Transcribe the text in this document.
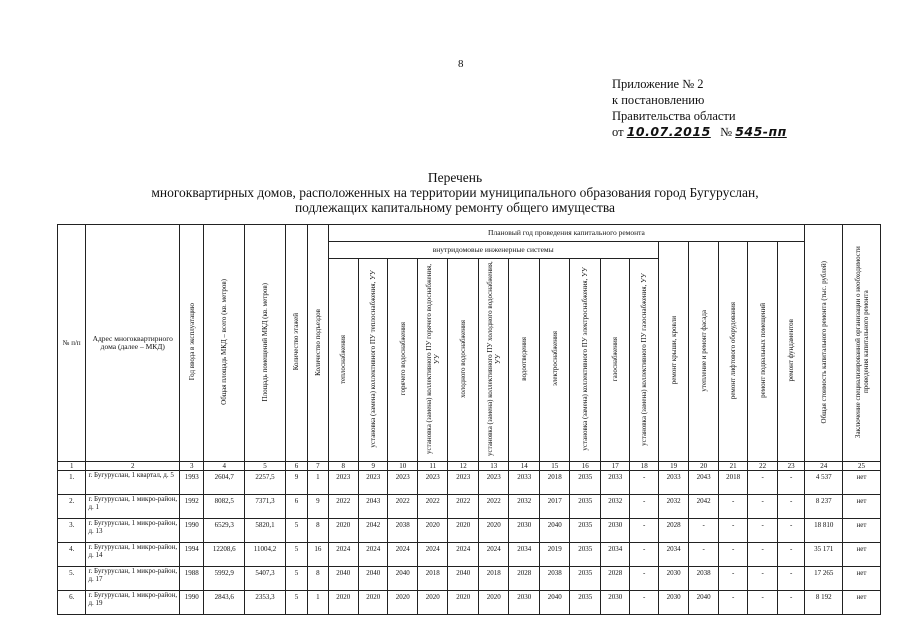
8
Приложение № 2
к постановлению
Правительства области
от 10.07.2015 № 545-пп
Перечень
многоквартирных домов, расположенных на территории муниципального образования город Бугуруслан,
подлежащих капитальному ремонту общего имущества
№ п/п	Адрес многоквартирного дома (далее – МКД)	Год ввода в эксплуатацию	Общая площадь МКД – всего (кв. метров)	Площадь помещений МКД (кв. метров)	Количество этажей	Количество подъездов	Плановый год проведения капитального ремонта																Общая стоимость капитального ремонта (тыс. рублей)	Заключение специализированной организации о необходимости проведения капитального ремонта
							внутридомовые инженерные системы											ремонт крыши, кровли	утепление и ремонт фасада	ремонт лифтового оборудования	ремонт подвальных помещений	ремонт фундаментов		
							теплоснабжения	установка (замена) коллективного ПУ теплоснабжения, УУ	горячего водоснабжения	установка (замена) коллективного ПУ горячего водоснабжения, УУ	холодного водоснабжения	установка (замена) коллективного ПУ холодного водоснабжения, УУ	водоотведения	электроснабжения	установка (замена) коллективного ПУ электроснабжения, УУ	газоснабжения	установка (замена) коллективного ПУ газоснабжения, УУ							
1	2	3	4	5	6	7	8	9	10	11	12	13	14	15	16	17	18	19	20	21	22	23	24	25
1.	г. Бугуруслан, 1 квартал, д. 5	1993	2604,7	2257,5	9	1	2023	2023	2023	2023	2023	2023	2033	2018	2035	2033	-	2033	2043	2018	-	-	4 537	нет
2.	г. Бугуруслан, 1 микро-район, д. 1	1992	8082,5	7371,3	6	9	2022	2043	2022	2022	2022	2022	2032	2017	2035	2032	-	2032	2042	-	-	-	8 237	нет
3.	г. Бугуруслан, 1 микро-район, д. 13	1990	6529,3	5820,1	5	8	2020	2042	2038	2020	2020	2020	2030	2040	2035	2030	-	2028	-	-	-	-	18 810	нет
4.	г. Бугуруслан, 1 микро-район, д. 14	1994	12208,6	11004,2	5	16	2024	2024	2024	2024	2024	2024	2034	2019	2035	2034	-	2034	-	-	-	-	35 171	нет
5.	г. Бугуруслан, 1 микро-район, д. 17	1988	5992,9	5407,3	5	8	2040	2040	2040	2018	2040	2018	2028	2038	2035	2028	-	2030	2038	-	-	-	17 265	нет
6.	г. Бугуруслан, 1 микро-район, д. 19	1990	2843,6	2353,3	5	1	2020	2020	2020	2020	2020	2020	2030	2040	2035	2030	-	2030	2040	-	-	-	8 192	нет
